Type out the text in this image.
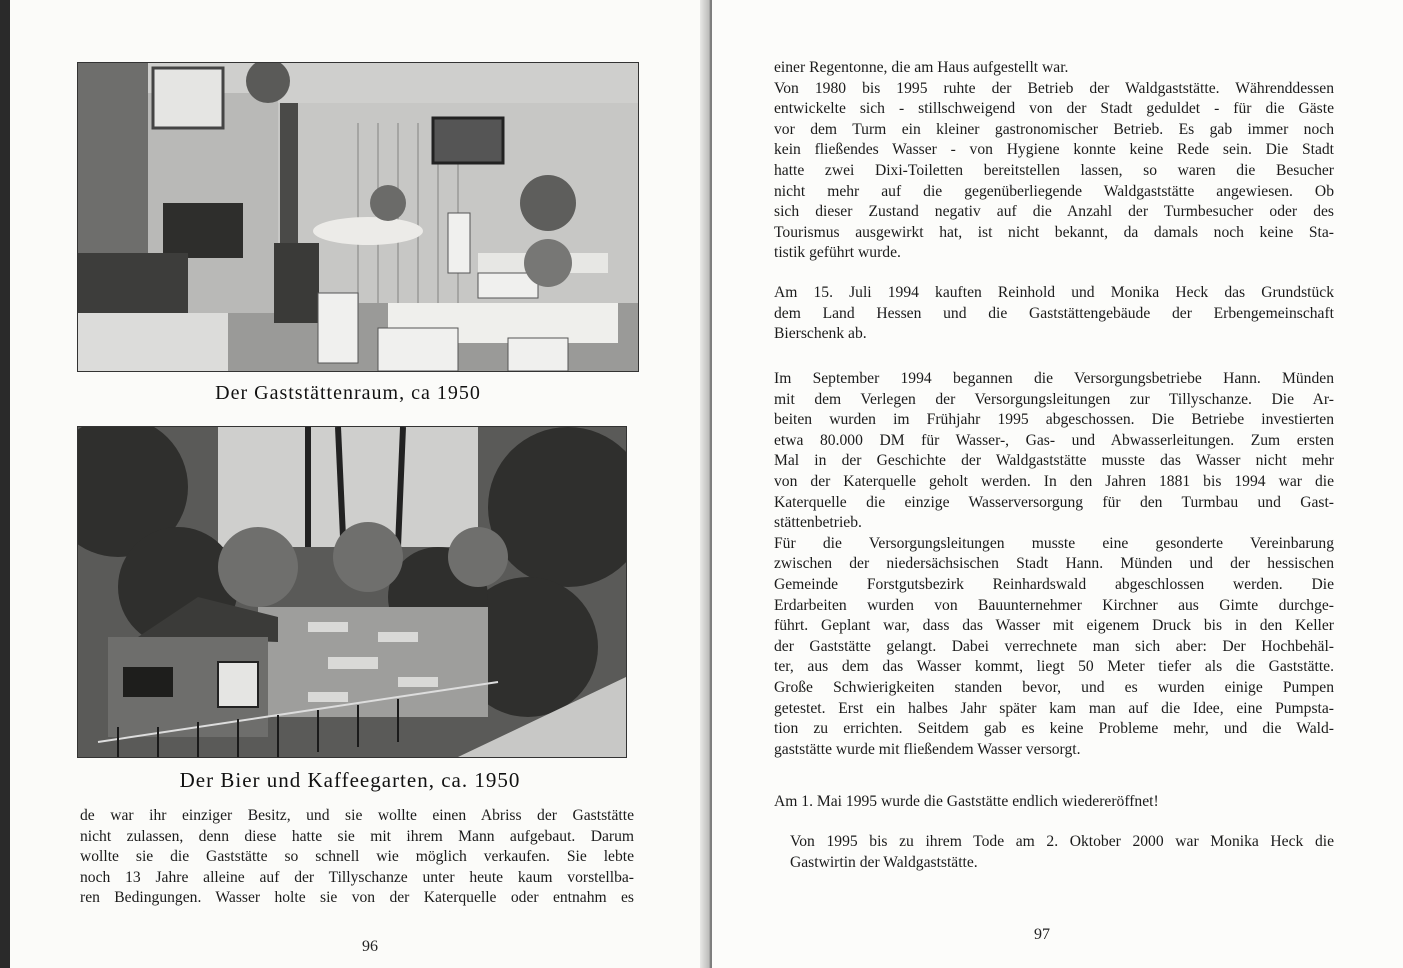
Der Gaststättenraum, ca 1950
Der Bier und Kaffeegarten, ca. 1950
de war ihr einziger Besitz, und sie wollte einen Abriss der Gaststätte
nicht zulassen, denn diese hatte sie mit ihrem Mann aufgebaut. Darum
wollte sie die Gaststätte so schnell wie möglich verkaufen. Sie lebte
noch 13 Jahre alleine auf der Tillyschanze unter heute kaum vorstellba-
ren Bedingungen. Wasser holte sie von der Katerquelle oder entnahm es
96
einer Regentonne, die am Haus aufgestellt war.
Von 1980 bis 1995 ruhte der Betrieb der Waldgaststätte. Währenddessen
entwickelte sich - stillschweigend von der Stadt geduldet - für die Gäste
vor dem Turm ein kleiner gastronomischer Betrieb. Es gab immer noch
kein fließendes Wasser - von Hygiene konnte keine Rede sein. Die Stadt
hatte zwei Dixi-Toiletten bereitstellen lassen, so waren die Besucher
nicht mehr auf die gegenüberliegende Waldgaststätte angewiesen. Ob
sich dieser Zustand negativ auf die Anzahl der Turmbesucher oder des
Tourismus ausgewirkt hat, ist nicht bekannt, da damals noch keine Sta-
tistik geführt wurde.
Am 15. Juli 1994 kauften Reinhold und Monika Heck das Grundstück
dem Land Hessen und die Gaststättengebäude der Erbengemeinschaft
Bierschenk ab.
Im September 1994 begannen die Versorgungsbetriebe Hann. Münden
mit dem Verlegen der Versorgungsleitungen zur Tillyschanze. Die Ar-
beiten wurden im Frühjahr 1995 abgeschossen. Die Betriebe investierten
etwa 80.000 DM für Wasser-, Gas- und Abwasserleitungen. Zum ersten
Mal in der Geschichte der Waldgaststätte musste das Wasser nicht mehr
von der Katerquelle geholt werden. In den Jahren 1881 bis 1994 war die
Katerquelle die einzige Wasserversorgung für den Turmbau und Gast-
stättenbetrieb.
Für die Versorgungsleitungen musste eine gesonderte Vereinbarung
zwischen der niedersächsischen Stadt Hann. Münden und der hessischen
Gemeinde Forstgutsbezirk Reinhardswald abgeschlossen werden. Die
Erdarbeiten wurden von Bauunternehmer Kirchner aus Gimte durchge-
führt. Geplant war, dass das Wasser mit eigenem Druck bis in den Keller
der Gaststätte gelangt. Dabei verrechnete man sich aber: Der Hochbehäl-
ter, aus dem das Wasser kommt, liegt 50 Meter tiefer als die Gaststätte.
Große Schwierigkeiten standen bevor, und es wurden einige Pumpen
getestet. Erst ein halbes Jahr später kam man auf die Idee, eine Pumpsta-
tion zu errichten. Seitdem gab es keine Probleme mehr, und die Wald-
gaststätte wurde mit fließendem Wasser versorgt.
Am 1. Mai 1995 wurde die Gaststätte endlich wiedereröffnet!
Von 1995 bis zu ihrem Tode am 2. Oktober 2000 war Monika Heck die
Gastwirtin der Waldgaststätte.
97
